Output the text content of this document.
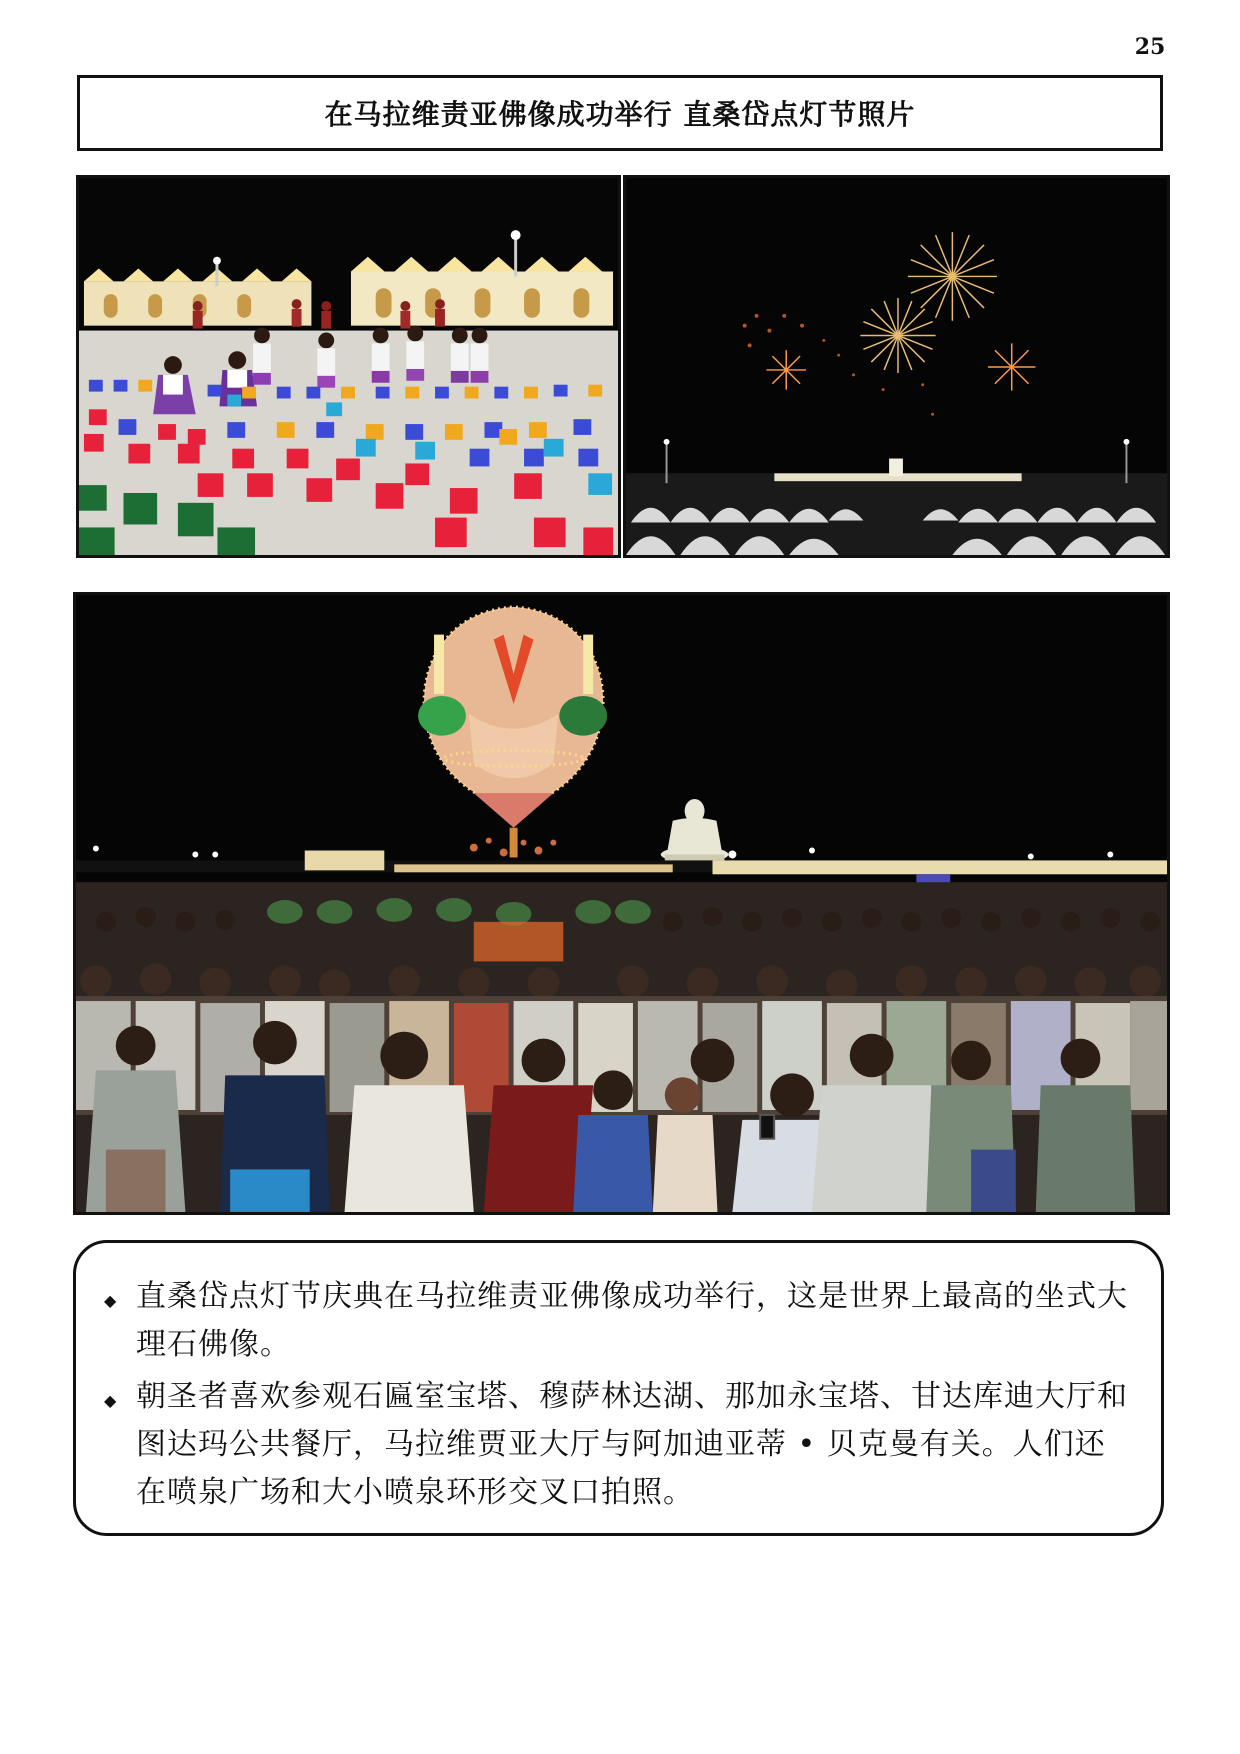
25
在马拉维责亚佛像成功举行 直桑岱点灯节照片
◆ 直桑岱点灯节庆典在马拉维责亚佛像成功举行，这是世界上最高的坐式大理石佛像。
◆ 朝圣者喜欢参观石匾室宝塔、穆萨林达湖、那加永宝塔、甘达库迪大厅和图达玛公共餐厅，马拉维贾亚大厅与阿加迪亚蒂 • 贝克曼有关。人们还在喷泉广场和大小喷泉环形交叉口拍照。
